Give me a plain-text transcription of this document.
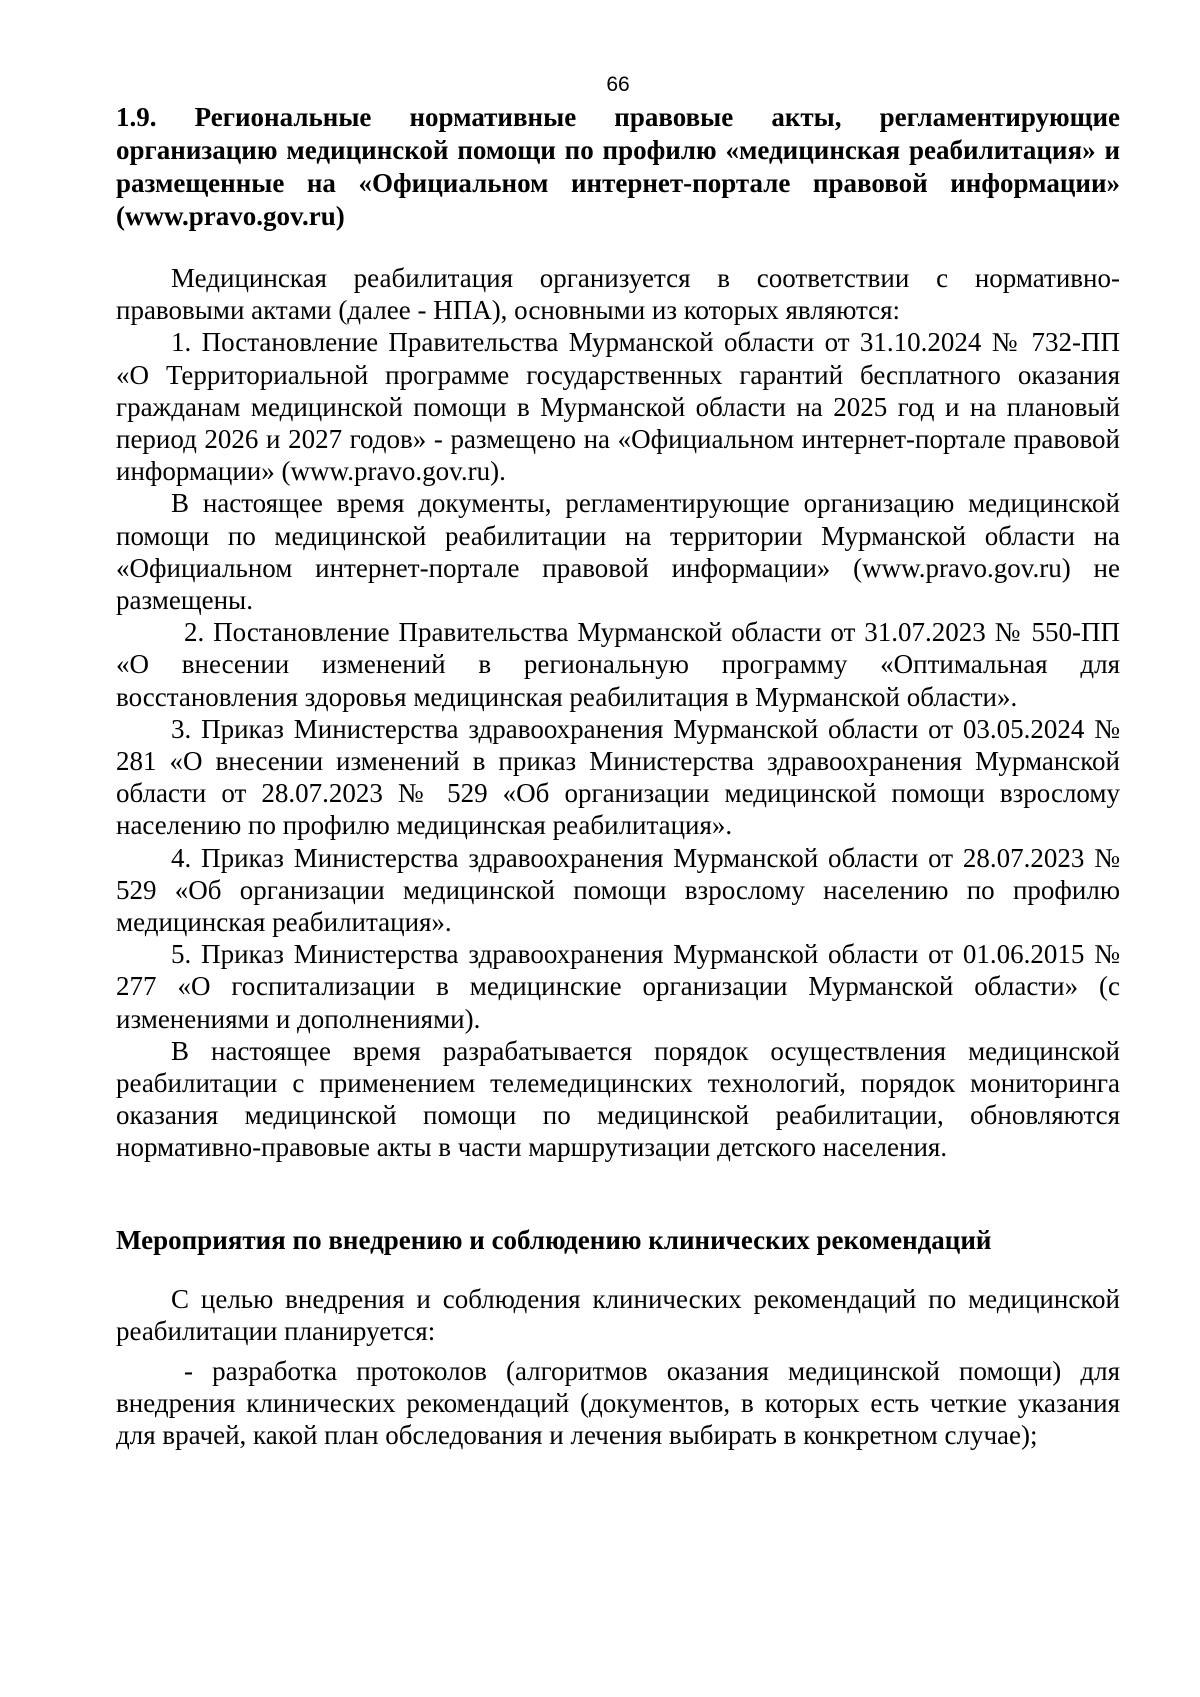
66
1.9. Региональные нормативные правовые акты, регламентирующие организацию медицинской помощи по профилю «медицинская реабилитация» и размещенные на «Официальном интернет-портале правовой информации» (www.pravo.gov.ru)

Медицинская реабилитация организуется в соответствии с нормативно-правовыми актами (далее - НПА), основными из которых являются:

1. Постановление Правительства Мурманской области от 31.10.2024 № 732-ПП «О Территориальной программе государственных гарантий бесплатного оказания гражданам медицинской помощи в Мурманской области на 2025 год и на плановый период 2026 и 2027 годов» - размещено на «Официальном интернет-портале правовой информации» (www.pravo.gov.ru).

В настоящее время документы, регламентирующие организацию медицинской помощи по медицинской реабилитации на территории Мурманской области на «Официальном интернет-портале правовой информации» (www.pravo.gov.ru) не размещены.

2. Постановление Правительства Мурманской области от 31.07.2023 № 550-ПП «О внесении изменений в региональную программу «Оптимальная для восстановления здоровья медицинская реабилитация в Мурманской области».

3. Приказ Министерства здравоохранения Мурманской области от 03.05.2024 № 281 «О внесении изменений в приказ Министерства здравоохранения Мурманской области от 28.07.2023 № 529 «Об организации медицинской помощи взрослому населению по профилю медицинская реабилитация».

4. Приказ Министерства здравоохранения Мурманской области от 28.07.2023 № 529 «Об организации медицинской помощи взрослому населению по профилю медицинская реабилитация».

5. Приказ Министерства здравоохранения Мурманской области от 01.06.2015 № 277 «О госпитализации в медицинские организации Мурманской области» (с изменениями и дополнениями).

В настоящее время разрабатывается порядок осуществления медицинской реабилитации с применением телемедицинских технологий, порядок мониторинга оказания медицинской помощи по медицинской реабилитации, обновляются нормативно-правовые акты в части маршрутизации детского населения.

Мероприятия по внедрению и соблюдению клинических рекомендаций

С целью внедрения и соблюдения клинических рекомендаций по медицинской реабилитации планируется:

- разработка протоколов (алгоритмов оказания медицинской помощи) для внедрения клинических рекомендаций (документов, в которых есть четкие указания для врачей, какой план обследования и лечения выбирать в конкретном случае);
